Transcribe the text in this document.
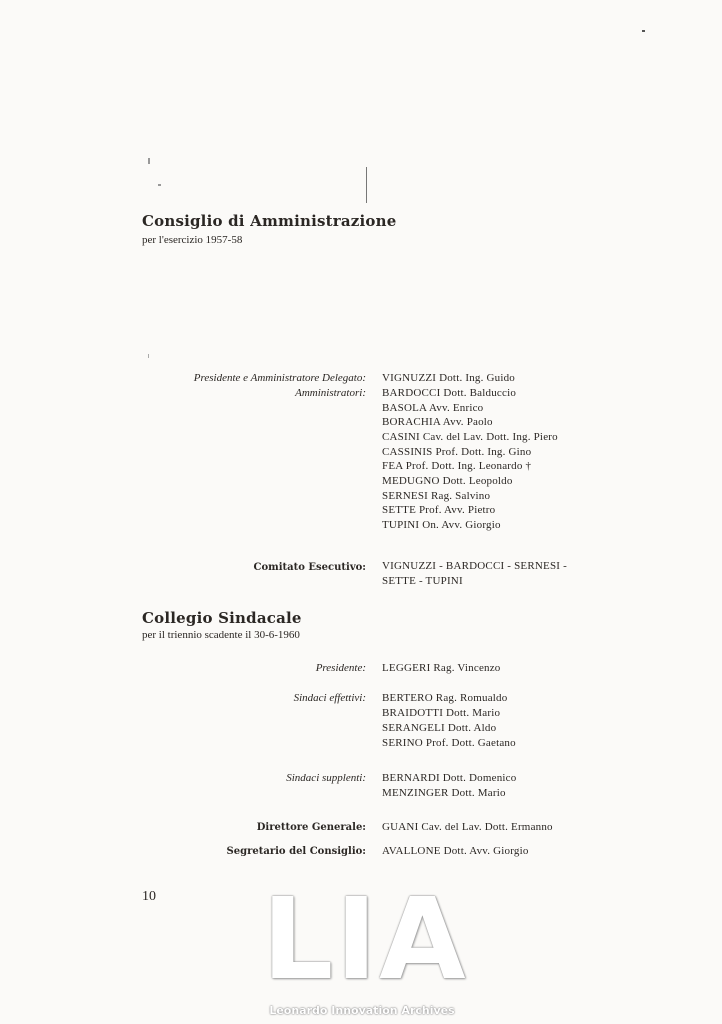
Consiglio di Amministrazione
per l'esercizio 1957-58
Presidente e Amministratore Delegato: VIGNUZZI Dott. Ing. Guido
Amministratori: BARDOCCI Dott. Balduccio
BASOLA Avv. Enrico
BORACHIA Avv. Paolo
CASINI Cav. del Lav. Dott. Ing. Piero
CASSINIS Prof. Dott. Ing. Gino
FEA Prof. Dott. Ing. Leonardo †
MEDUGNO Dott. Leopoldo
SERNESI Rag. Salvino
SETTE Prof. Avv. Pietro
TUPINI On. Avv. Giorgio
Comitato Esecutivo: VIGNUZZI - BARDOCCI - SERNESI -
SETTE - TUPINI
Collegio Sindacale
per il triennio scadente il 30-6-1960
Presidente: LEGGERI Rag. Vincenzo
Sindaci effettivi: BERTERO Rag. Romualdo
BRAIDOTTI Dott. Mario
SERANGELI Dott. Aldo
SERINO Prof. Dott. Gaetano
Sindaci supplenti: BERNARDI Dott. Domenico
MENZINGER Dott. Mario
Direttore Generale: GUANI Cav. del Lav. Dott. Ermanno
Segretario del Consiglio: AVALLONE Dott. Avv. Giorgio
10 LIA
Leonardo Innovation Archives
